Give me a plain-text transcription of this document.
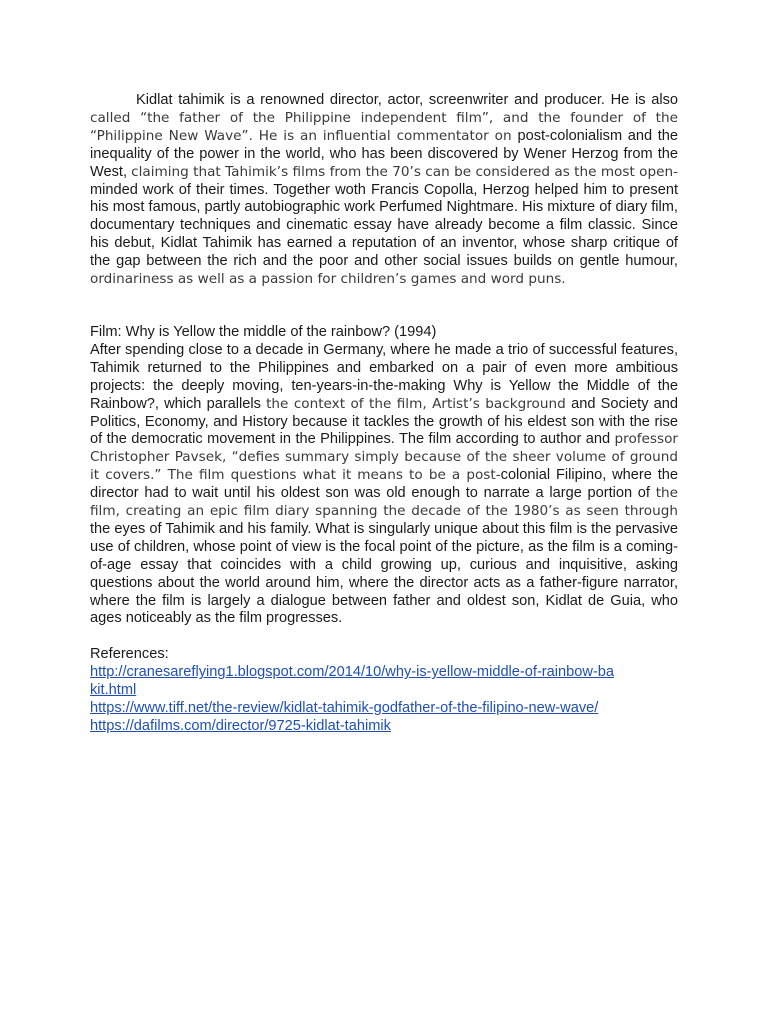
Kidlat tahimik is a renowned director, actor, screenwriter and producer. He is also called “the father of the Philippine independent film”, and the founder of the “Philippine New Wave”. He is an influential commentator on post-colonialism and the inequality of the power in the world, who has been discovered by Wener Herzog from the West, claiming that Tahimik’s films from the 70’s can be considered as the most open-minded work of their times. Together woth Francis Copolla, Herzog helped him to present his most famous, partly autobiographic work Perfumed Nightmare. His mixture of diary film, documentary techniques and cinematic essay have already become a film classic. Since his debut, Kidlat Tahimik has earned a reputation of an inventor, whose sharp critique of the gap between the rich and the poor and other social issues builds on gentle humour, ordinariness as well as a passion for children’s games and word puns.

Film: Why is Yellow the middle of the rainbow? (1994)

After spending close to a decade in Germany, where he made a trio of successful features, Tahimik returned to the Philippines and embarked on a pair of even more ambitious projects: the deeply moving, ten-years-in-the-making Why is Yellow the Middle of the Rainbow?, which parallels the context of the film, Artist’s background and Society and Politics, Economy, and History because it tackles the growth of his eldest son with the rise of the democratic movement in the Philippines. The film according to author and professor Christopher Pavsek, “defies summary simply because of the sheer volume of ground it covers.” The film questions what it means to be a post-colonial Filipino, where the director had to wait until his oldest son was old enough to narrate a large portion of the film, creating an epic film diary spanning the decade of the 1980’s as seen through the eyes of Tahimik and his family. What is singularly unique about this film is the pervasive use of children, whose point of view is the focal point of the picture, as the film is a coming-of-age essay that coincides with a child growing up, curious and inquisitive, asking questions about the world around him, where the director acts as a father-figure narrator, where the film is largely a dialogue between father and oldest son, Kidlat de Guia, who ages noticeably as the film progresses.

References:

http://cranesareflying1.blogspot.com/2014/10/why-is-yellow-middle-of-rainbow-bakit.html
https://www.tiff.net/the-review/kidlat-tahimik-godfather-of-the-filipino-new-wave/
https://dafilms.com/director/9725-kidlat-tahimik
